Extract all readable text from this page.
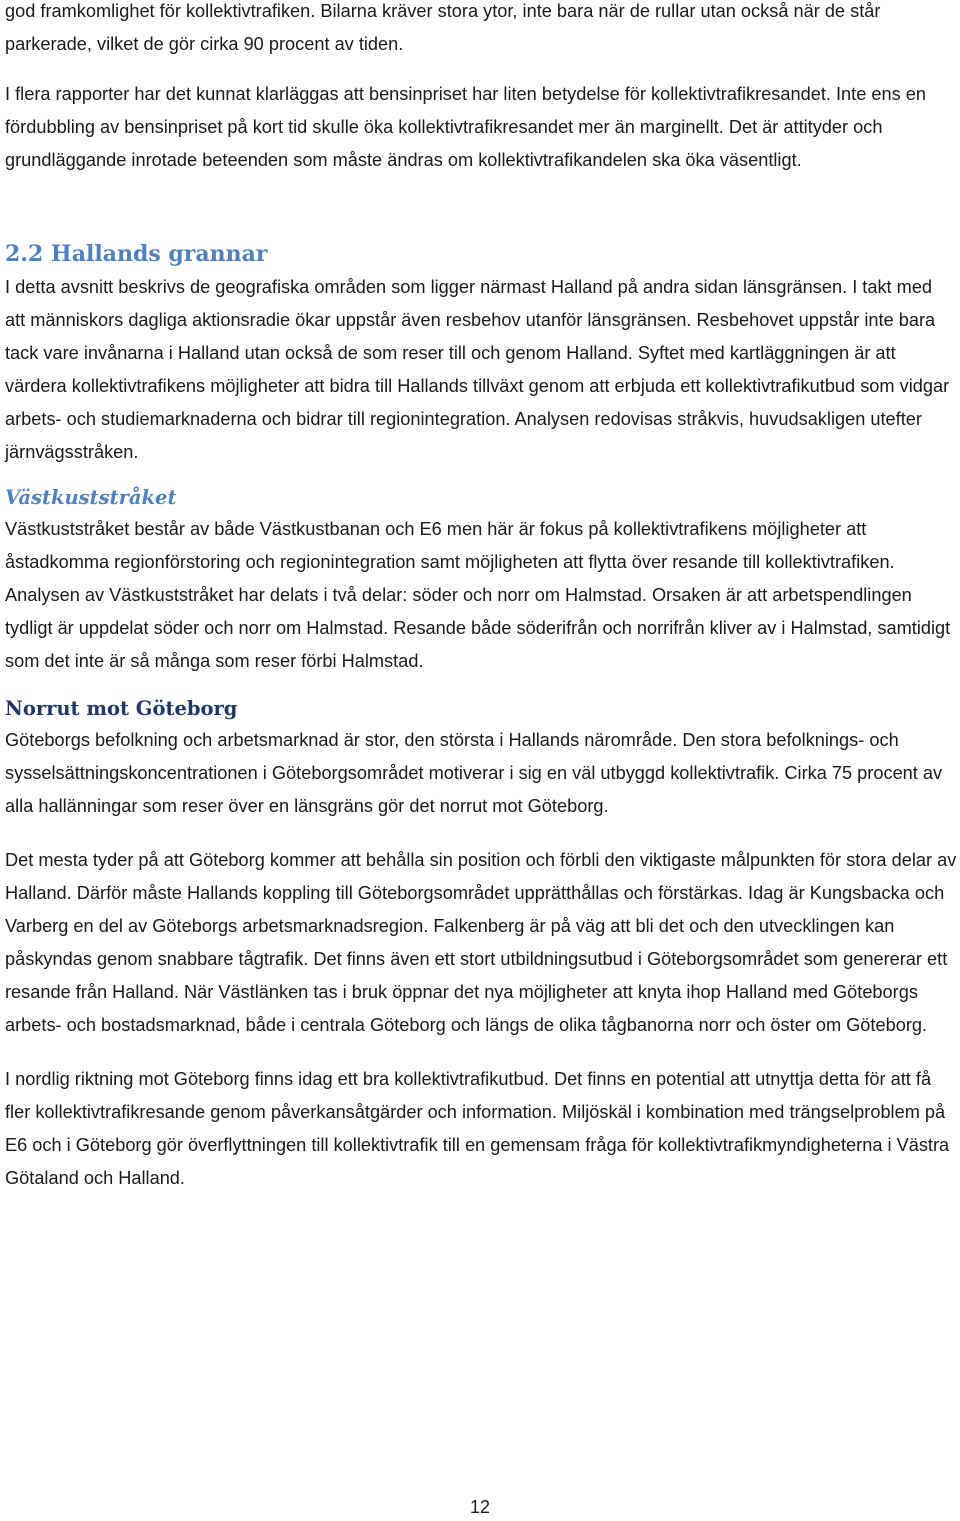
god framkomlighet för kollektivtrafiken. Bilarna kräver stora ytor, inte bara när de rullar utan också när de står parkerade, vilket de gör cirka 90 procent av tiden.

I flera rapporter har det kunnat klarläggas att bensinpriset har liten betydelse för kollektivtrafikresandet. Inte ens en fördubbling av bensinpriset på kort tid skulle öka kollektivtrafikresandet mer än marginellt. Det är attityder och grundläggande inrotade beteenden som måste ändras om kollektivtrafikandelen ska öka väsentligt.

2.2 Hallands grannar

I detta avsnitt beskrivs de geografiska områden som ligger närmast Halland på andra sidan länsgränsen. I takt med att människors dagliga aktionsradie ökar uppstår även resbehov utanför länsgränsen. Resbehovet uppstår inte bara tack vare invånarna i Halland utan också de som reser till och genom Halland. Syftet med kartläggningen är att värdera kollektivtrafikens möjligheter att bidra till Hallands tillväxt genom att erbjuda ett kollektivtrafikutbud som vidgar arbets- och studiemarknaderna och bidrar till regionintegration. Analysen redovisas stråkvis, huvudsakligen utefter järnvägsstråken.

Västkuststråket

Västkuststråket består av både Västkustbanan och E6 men här är fokus på kollektivtrafikens möjligheter att åstadkomma regionförstoring och regionintegration samt möjligheten att flytta över resande till kollektivtrafiken. Analysen av Västkuststråket har delats i två delar: söder och norr om Halmstad. Orsaken är att arbetspendlingen tydligt är uppdelat söder och norr om Halmstad. Resande både söderifrån och norrifrån kliver av i Halmstad, samtidigt som det inte är så många som reser förbi Halmstad.

Norrut mot Göteborg

Göteborgs befolkning och arbetsmarknad är stor, den största i Hallands närområde. Den stora befolknings- och sysselsättningskoncentrationen i Göteborgsområdet motiverar i sig en väl utbyggd kollektivtrafik. Cirka 75 procent av alla hallänningar som reser över en länsgräns gör det norrut mot Göteborg.

Det mesta tyder på att Göteborg kommer att behålla sin position och förbli den viktigaste målpunkten för stora delar av Halland. Därför måste Hallands koppling till Göteborgsområdet upprätthållas och förstärkas. Idag är Kungsbacka och Varberg en del av Göteborgs arbetsmarknadsregion. Falkenberg är på väg att bli det och den utvecklingen kan påskyndas genom snabbare tågtrafik. Det finns även ett stort utbildningsutbud i Göteborgsområdet som genererar ett resande från Halland. När Västlänken tas i bruk öppnar det nya möjligheter att knyta ihop Halland med Göteborgs arbets- och bostadsmarknad, både i centrala Göteborg och längs de olika tågbanorna norr och öster om Göteborg.

I nordlig riktning mot Göteborg finns idag ett bra kollektivtrafikutbud. Det finns en potential att utnyttja detta för att få fler kollektivtrafikresande genom påverkansåtgärder och information. Miljöskäl i kombination med trängselproblem på E6 och i Göteborg gör överflyttningen till kollektivtrafik till en gemensam fråga för kollektivtrafikmyndigheterna i Västra Götaland och Halland.

12
